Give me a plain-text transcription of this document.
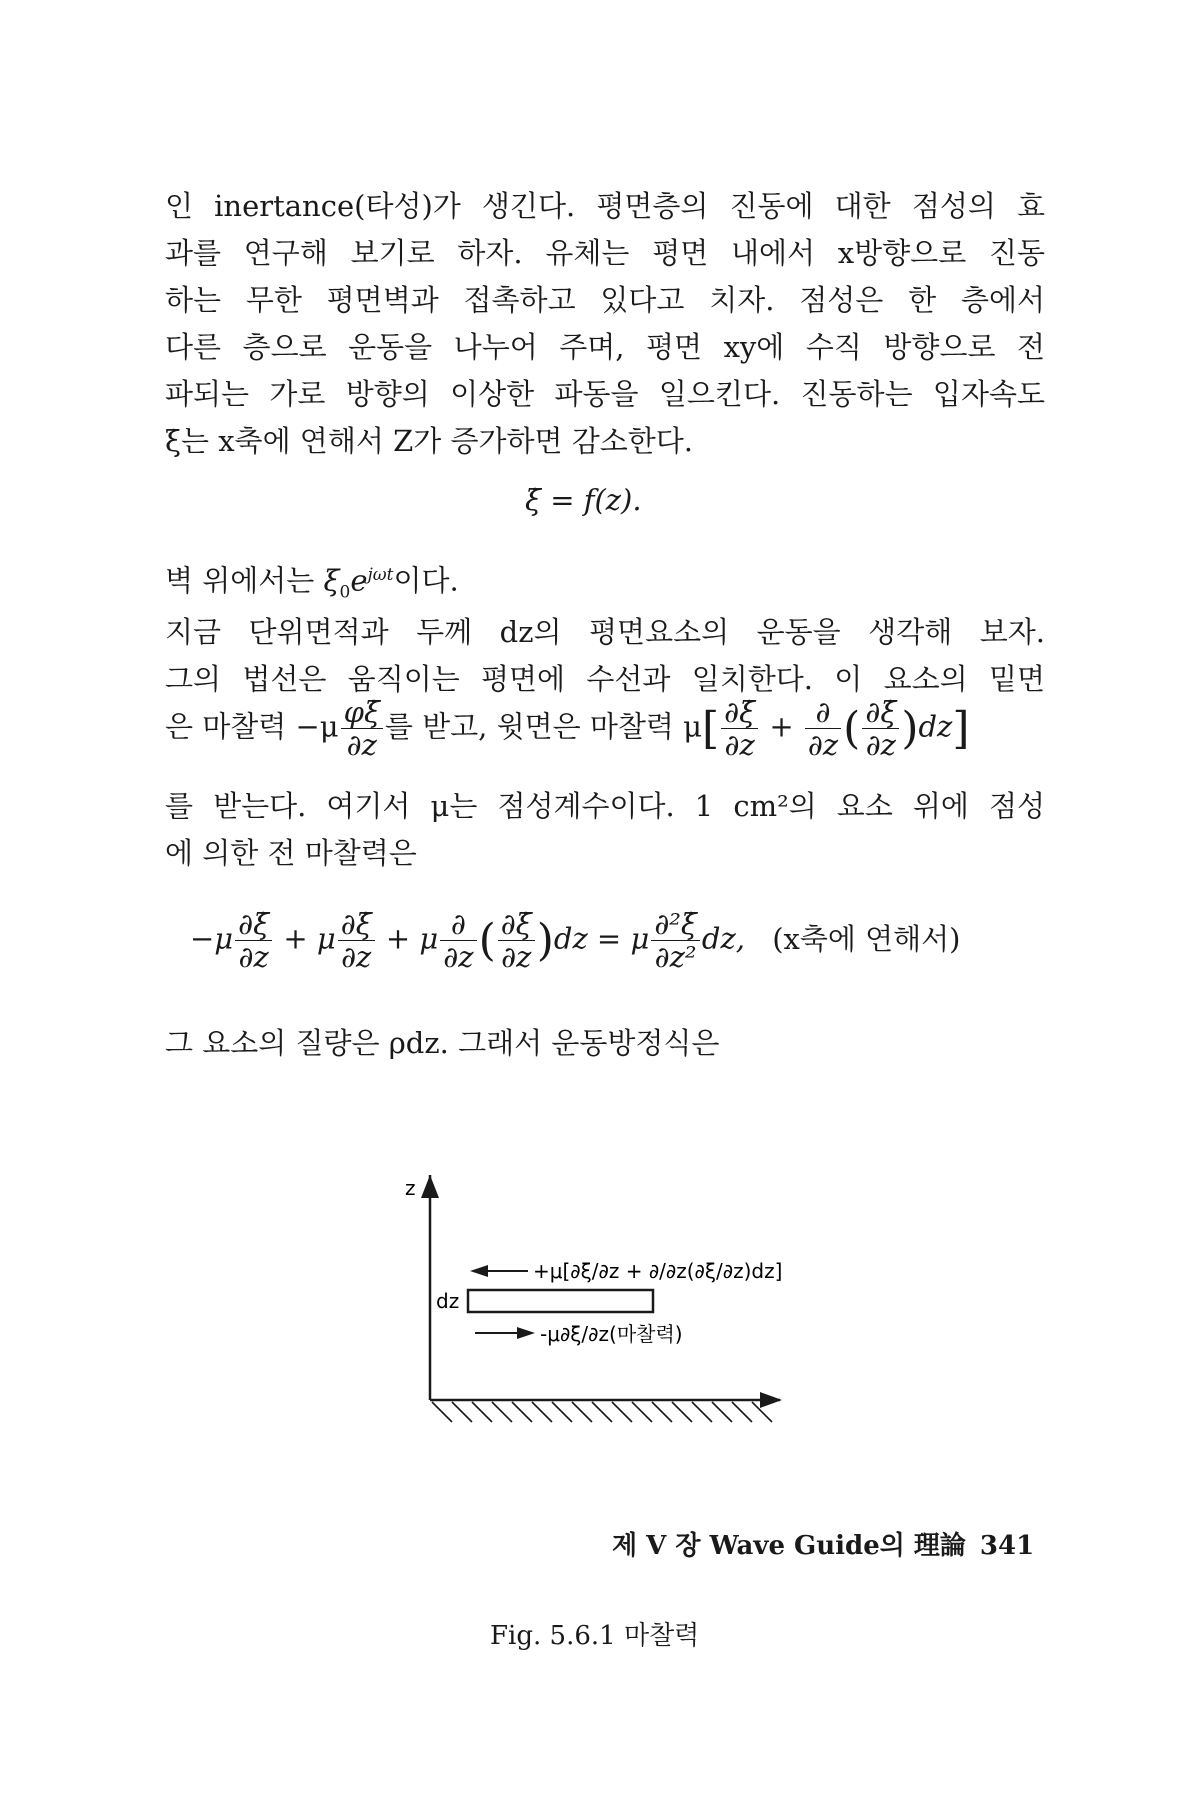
인 inertance(타성)가 생긴다. 평면층의 진동에 대한 점성의 효
과를 연구해 보기로 하자. 유체는 평면 내에서 x방향으로 진동
하는 무한 평면벽과 접촉하고 있다고 치자. 점성은 한 층에서
다른 층으로 운동을 나누어 주며, 평면 xy에 수직 방향으로 전
파되는 가로 방향의 이상한 파동을 일으킨다. 진동하는 입자속도
ξ̇는 x축에 연해서 Z가 증가하면 감소한다.
ξ̇ = f(z).
벽 위에서는 $\xi_0e^{j\omega t}$이다.
지금 단위면적과 두께 dz의 평면요소의 운동을 생각해 보자.
그의 법선은 움직이는 평면에 수선과 일치한다. 이 요소의 밑면
은 마찰력 $-\mu \frac{\varphi\xi̇}{\partial z}$ 를 받고, 윗면은 마찰력 $\mu[ \frac{\partial\xi̇}{\partial z} + \frac{\partial}{\partial z}$ ( $\frac{\partial\xi̇}{\partial z} )dz$]
를 받는다. 여기서 μ는 점성계수이다. 1 cm²의 요소 위에 점성
에 의한 전 마찰력은
$-\mu \frac{\partial\xi̇}{\partial z} + \mu \frac{\partial\xi̇}{\partial z} + \mu \frac{\partial}{\partial z}$ ( $\frac{\partial\xi̇}{\partial z} )dz = \mu \frac{\text{∂²ξ̇}}{\text{∂z²}}$ dz, (x축에 연해서)
그 요소의 질량은 ρdz. 그래서 운동방정식은
z
dz
+μ[∂ξ/∂z + ∂/∂z(∂ξ/∂z)dz]
-μ∂ξ/∂z(마찰력)
Fig. 5.6.1 마찰력
제 Ⅴ 장 Wave Guide의 理論 341
